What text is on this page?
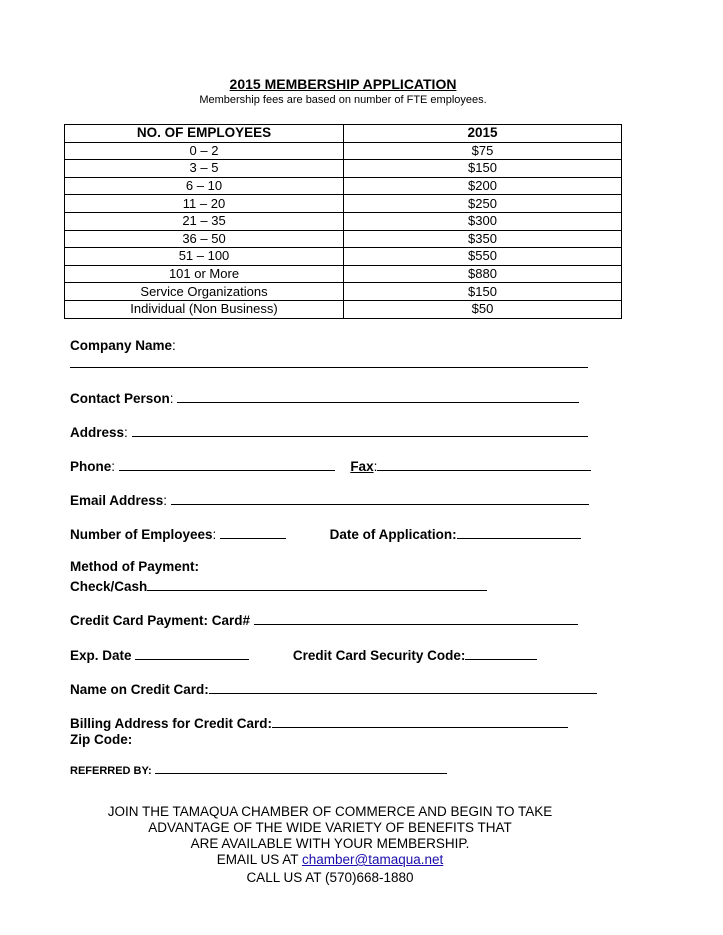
2015 MEMBERSHIP APPLICATION
Membership fees are based on number of FTE employees.
NO. OF EMPLOYEES	2015
0 – 2	$75
3 – 5	$150
6 – 10	$200
11 – 20	$250
21 – 35	$300
36 – 50	$350
51 – 100	$550
101 or More	$880
Service Organizations	$150
Individual (Non Business)	$50
Company Name:
Contact Person:
Address:
Phone:	Fax:
Email Address:
Number of Employees:	Date of Application:
Method of Payment:
Check/Cash
Credit Card Payment: Card#
Exp. Date	Credit Card Security Code:
Name on Credit Card:
Billing Address for Credit Card:
Zip Code:
REFERRED BY:
JOIN THE TAMAQUA CHAMBER OF COMMERCE AND BEGIN TO TAKE
ADVANTAGE OF THE WIDE VARIETY OF BENEFITS THAT
ARE AVAILABLE WITH YOUR MEMBERSHIP.
EMAIL US AT chamber@tamaqua.net
CALL US AT (570)668-1880
